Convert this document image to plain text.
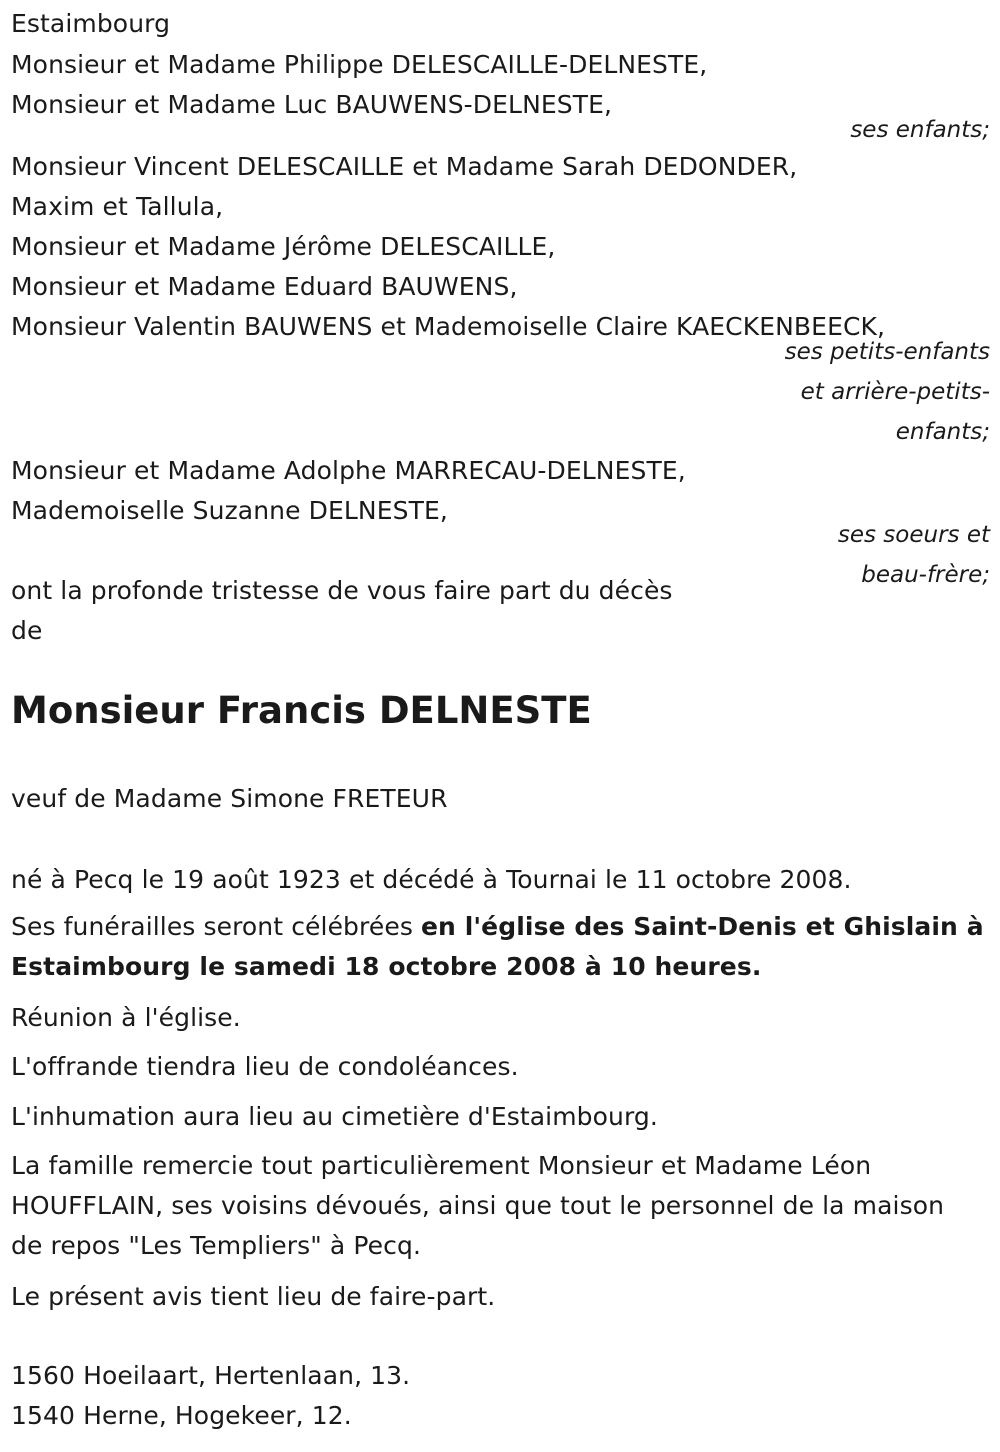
Estaimbourg
Monsieur et Madame Philippe DELESCAILLE-DELNESTE,
Monsieur et Madame Luc BAUWENS-DELNESTE,
ses enfants;
Monsieur Vincent DELESCAILLE et Madame Sarah DEDONDER,
Maxim et Tallula,
Monsieur et Madame Jérôme DELESCAILLE,
Monsieur et Madame Eduard BAUWENS,
Monsieur Valentin BAUWENS et Mademoiselle Claire KAECKENBEECK,
ses petits-enfants
et arrière-petits-
enfants;
Monsieur et Madame Adolphe MARRECAU-DELNESTE,
Mademoiselle Suzanne DELNESTE,
ses soeurs et
beau-frère;
ont la profonde tristesse de vous faire part du décès
de
Monsieur Francis DELNESTE
veuf de Madame Simone FRETEUR
né à Pecq le 19 août 1923 et décédé à Tournai le 11 octobre 2008.
Ses funérailles seront célébrées en l'église des Saint-Denis et Ghislain à
Estaimbourg le samedi 18 octobre 2008 à 10 heures.
Réunion à l'église.
L'offrande tiendra lieu de condoléances.
L'inhumation aura lieu au cimetière d'Estaimbourg.
La famille remercie tout particulièrement Monsieur et Madame Léon
HOUFFLAIN, ses voisins dévoués, ainsi que tout le personnel de la maison
de repos "Les Templiers" à Pecq.
Le présent avis tient lieu de faire-part.
1560 Hoeilaart, Hertenlaan, 13.
1540 Herne, Hogekeer, 12.
